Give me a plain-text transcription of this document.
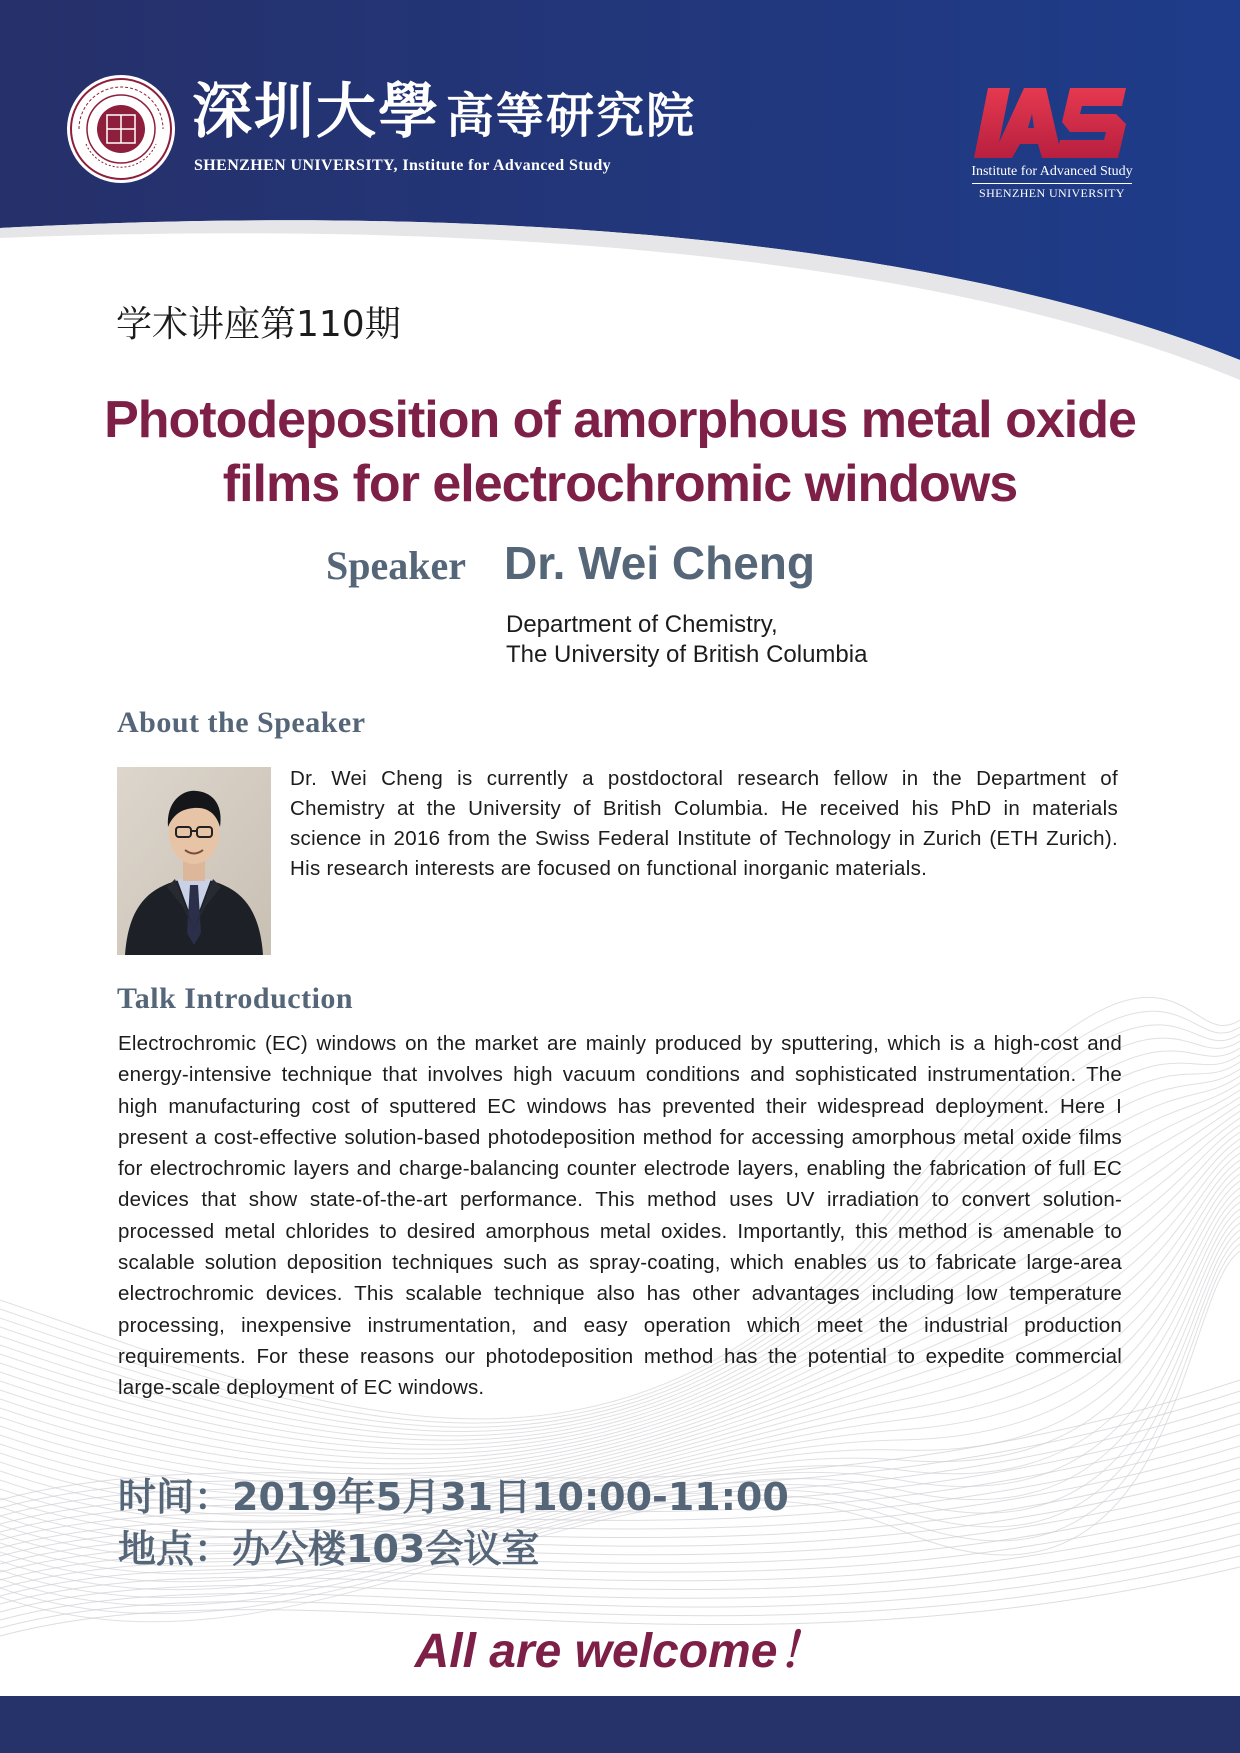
深圳大學 高等研究院
SHENZHEN UNIVERSITY, Institute for Advanced Study	Institute for Advanced Study
SHENZHEN UNIVERSITY
学术讲座第110期
Photodeposition of amorphous metal oxide
films for electrochromic windows
Speaker Dr. Wei Cheng
Department of Chemistry,
The University of British Columbia
About the Speaker
Dr. Wei Cheng is currently a postdoctoral research fellow in the Department of Chemistry at the University of British Columbia. He received his PhD in materials science in 2016 from the Swiss Federal Institute of Technology in Zurich (ETH Zurich). His research interests are focused on functional inorganic materials.
Talk Introduction
Electrochromic (EC) windows on the market are mainly produced by sputtering, which is a high-cost and energy-intensive technique that involves high vacuum conditions and sophisticated instrumentation. The high manufacturing cost of sputtered EC windows has prevented their widespread deployment. Here I present a cost-effective solution-based photodeposition method for accessing amorphous metal oxide films for electrochromic layers and charge-balancing counter electrode layers, enabling the fabrication of full EC devices that show state-of-the-art performance. This method uses UV irradiation to convert solution-processed metal chlorides to desired amorphous metal oxides. Importantly, this method is amenable to scalable solution deposition techniques such as spray-coating, which enables us to fabricate large-area electrochromic devices. This scalable technique also has other advantages including low temperature processing, inexpensive instrumentation, and easy operation which meet the industrial production requirements. For these reasons our photodeposition method has the potential to expedite commercial large-scale deployment of EC windows.
时间：2019年5月31日10:00-11:00
地点：办公楼103会议室
All are welcome！
